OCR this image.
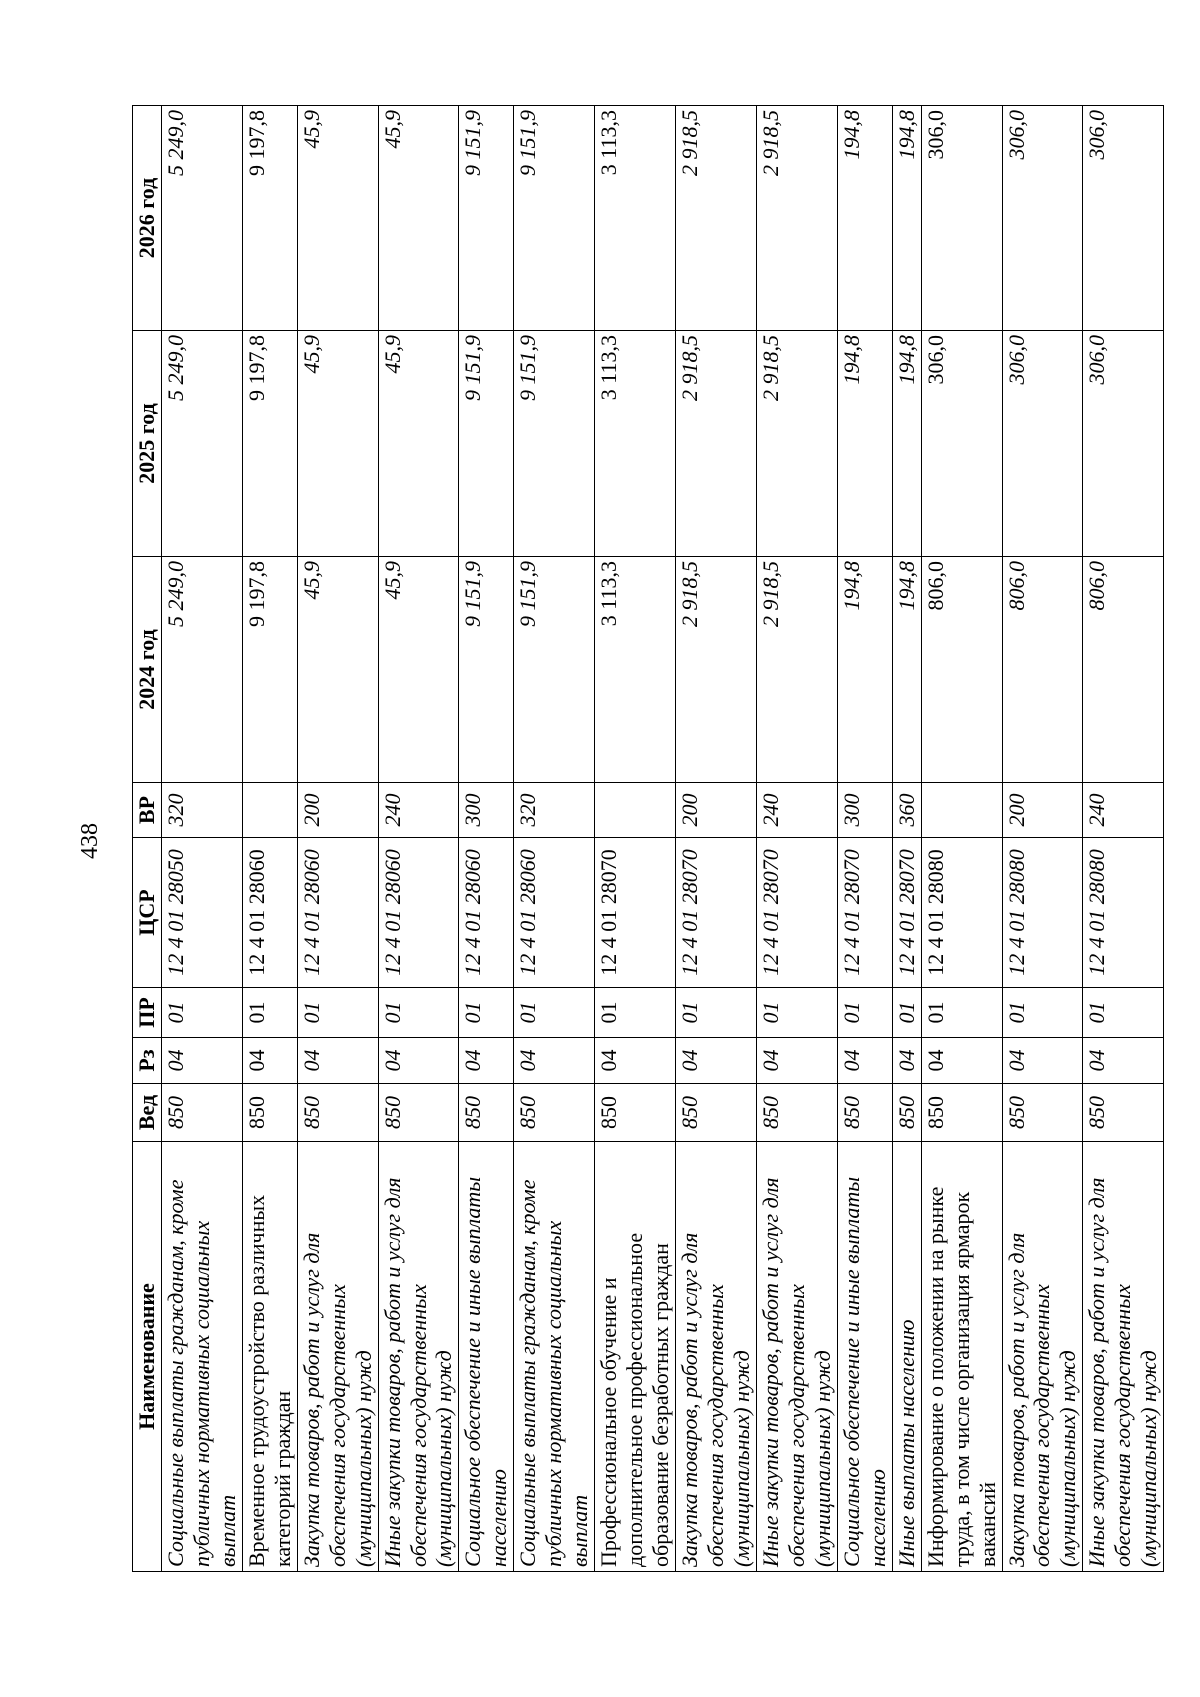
438
Наименование	Вед	Рз	ПР	ЦСР	ВР	2024 год	2025 год	2026 год
Социальные выплаты гражданам, кроме публичных нормативных социальных выплат	850	04	01	12 4 01 28050	320	5 249,0	5 249,0	5 249,0
Временное трудоустройство различных категорий граждан	850	04	01	12 4 01 28060		9 197,8	9 197,8	9 197,8
Закупка товаров, работ и услуг для обеспечения государственных (муниципальных) нужд	850	04	01	12 4 01 28060	200	45,9	45,9	45,9
Иные закупки товаров, работ и услуг для обеспечения государственных (муниципальных) нужд	850	04	01	12 4 01 28060	240	45,9	45,9	45,9
Социальное обеспечение и иные выплаты населению	850	04	01	12 4 01 28060	300	9 151,9	9 151,9	9 151,9
Социальные выплаты гражданам, кроме публичных нормативных социальных выплат	850	04	01	12 4 01 28060	320	9 151,9	9 151,9	9 151,9
Профессиональное обучение и дополнительное профессиональное образование безработных граждан	850	04	01	12 4 01 28070		3 113,3	3 113,3	3 113,3
Закупка товаров, работ и услуг для обеспечения государственных (муниципальных) нужд	850	04	01	12 4 01 28070	200	2 918,5	2 918,5	2 918,5
Иные закупки товаров, работ и услуг для обеспечения государственных (муниципальных) нужд	850	04	01	12 4 01 28070	240	2 918,5	2 918,5	2 918,5
Социальное обеспечение и иные выплаты населению	850	04	01	12 4 01 28070	300	194,8	194,8	194,8
Иные выплаты населению	850	04	01	12 4 01 28070	360	194,8	194,8	194,8
Информирование о положении на рынке труда, в том числе организация ярмарок вакансий	850	04	01	12 4 01 28080		806,0	306,0	306,0
Закупка товаров, работ и услуг для обеспечения государственных (муниципальных) нужд	850	04	01	12 4 01 28080	200	806,0	306,0	306,0
Иные закупки товаров, работ и услуг для обеспечения государственных (муниципальных) нужд	850	04	01	12 4 01 28080	240	806,0	306,0	306,0
